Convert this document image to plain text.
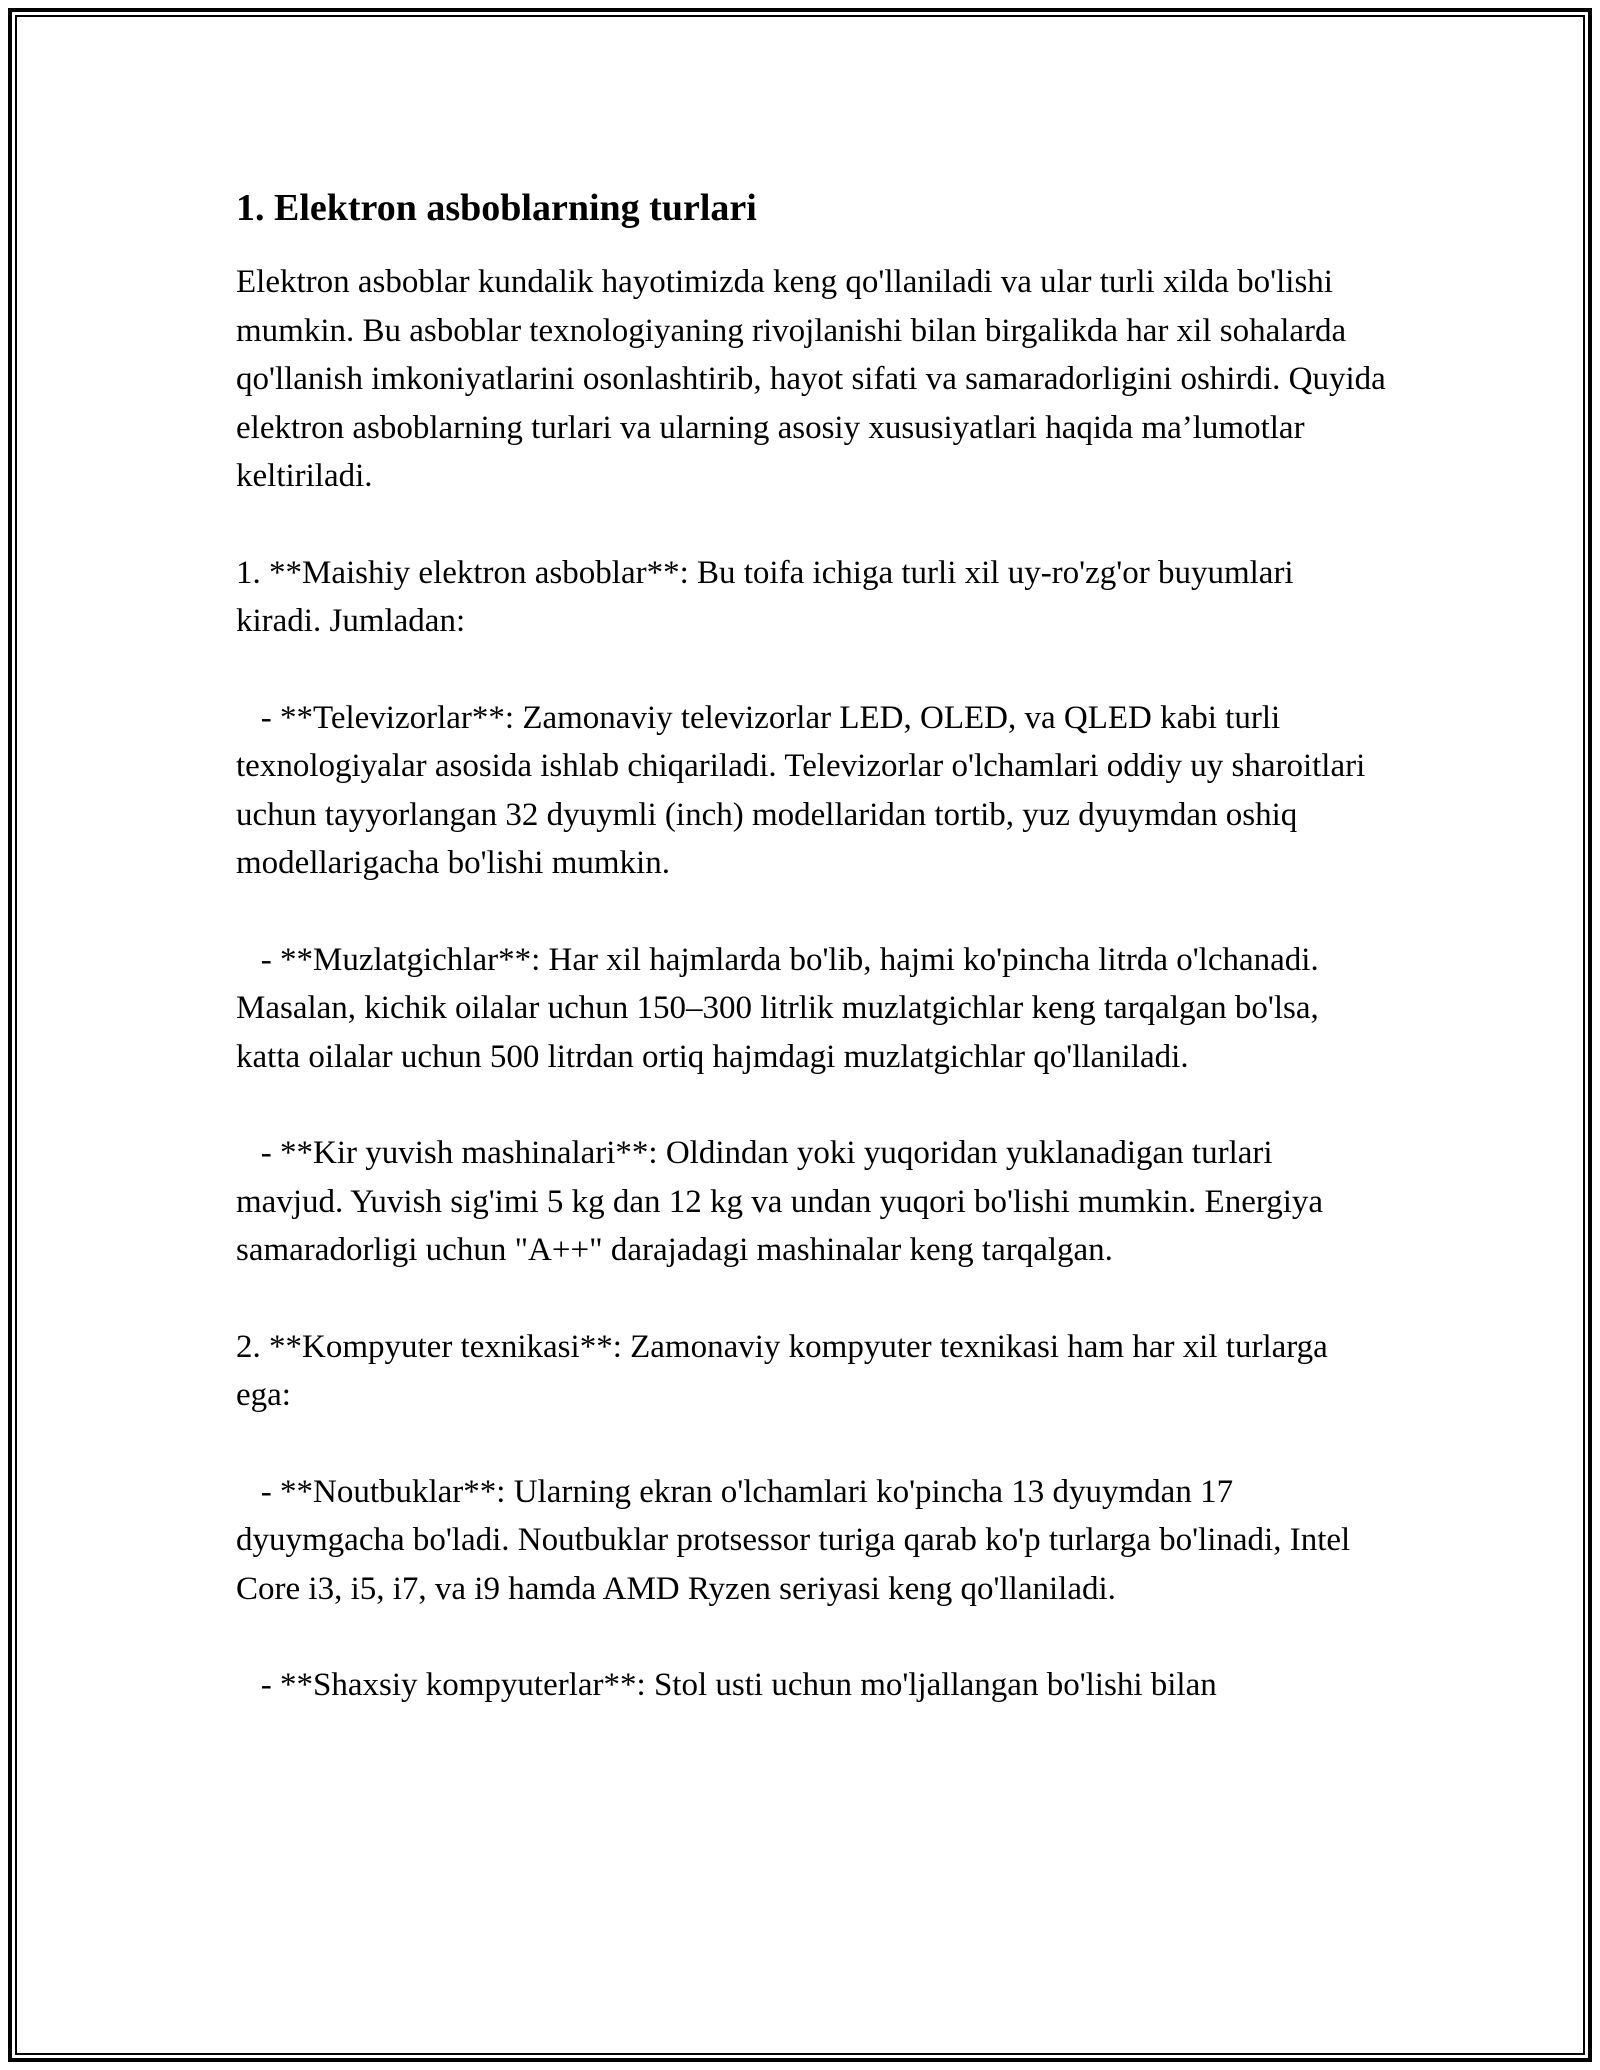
1. Elektron asboblarning turlari

Elektron asboblar kundalik hayotimizda keng qo'llaniladi va ular turli xilda bo'lishi mumkin. Bu asboblar texnologiyaning rivojlanishi bilan birgalikda har xil sohalarda qo'llanish imkoniyatlarini osonlashtirib, hayot sifati va samaradorligini oshirdi. Quyida elektron asboblarning turlari va ularning asosiy xususiyatlari haqida ma’lumotlar keltiriladi.

1. **Maishiy elektron asboblar**: Bu toifa ichiga turli xil uy-ro'zg'or buyumlari kiradi. Jumladan:

- **Televizorlar**: Zamonaviy televizorlar LED, OLED, va QLED kabi turli texnologiyalar asosida ishlab chiqariladi. Televizorlar o'lchamlari oddiy uy sharoitlari uchun tayyorlangan 32 dyuymli (inch) modellaridan tortib, yuz dyuymdan oshiq modellarigacha bo'lishi mumkin.

- **Muzlatgichlar**: Har xil hajmlarda bo'lib, hajmi ko'pincha litrda o'lchanadi. Masalan, kichik oilalar uchun 150–300 litrlik muzlatgichlar keng tarqalgan bo'lsa, katta oilalar uchun 500 litrdan ortiq hajmdagi muzlatgichlar qo'llaniladi.

- **Kir yuvish mashinalari**: Oldindan yoki yuqoridan yuklanadigan turlari mavjud. Yuvish sig'imi 5 kg dan 12 kg va undan yuqori bo'lishi mumkin. Energiya samaradorligi uchun "A++" darajadagi mashinalar keng tarqalgan.

2. **Kompyuter texnikasi**: Zamonaviy kompyuter texnikasi ham har xil turlarga ega:

- **Noutbuklar**: Ularning ekran o'lchamlari ko'pincha 13 dyuymdan 17 dyuymgacha bo'ladi. Noutbuklar protsessor turiga qarab ko'p turlarga bo'linadi, Intel Core i3, i5, i7, va i9 hamda AMD Ryzen seriyasi keng qo'llaniladi.

- **Shaxsiy kompyuterlar**: Stol usti uchun mo'ljallangan bo'lishi bilan
